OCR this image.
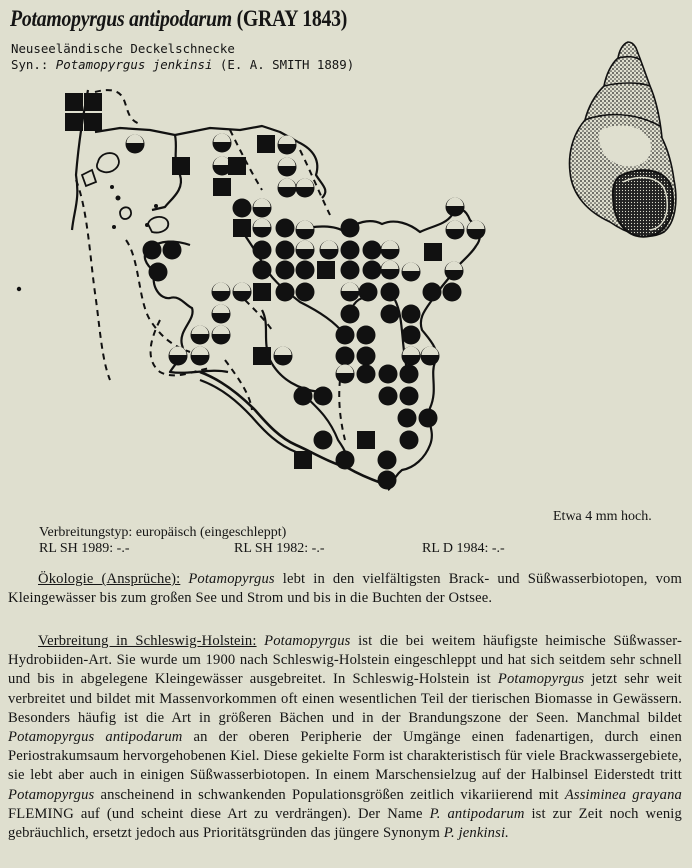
Potamopyrgus antipodarum (GRAY 1843)
Neuseeländische Deckelschnecke
Syn.: Potamopyrgus jenkinsi (E. A. SMITH 1889)
Etwa 4 mm hoch.
Verbreitungstyp: europäisch (eingeschleppt)
RL SH 1989: -.-	RL SH 1982: -.-	RL D 1984: -.-
Ökologie (Ansprüche): Potamopyrgus lebt in den vielfältigsten Brack- und Süßwasserbiotopen, vom Kleingewässer bis zum großen See und Strom und bis in die Buchten der Ostsee.
Verbreitung in Schleswig-Holstein: Potamopyrgus ist die bei weitem häufigste heimische Süßwasser-Hydrobiiden-Art. Sie wurde um 1900 nach Schleswig-Holstein eingeschleppt und hat sich seitdem sehr schnell und bis in abgelegene Kleingewässer ausgebreitet. In Schleswig-Holstein ist Potamopyrgus jetzt sehr weit verbreitet und bildet mit Massenvorkommen oft einen wesentlichen Teil der tierischen Biomasse in Gewässern. Besonders häufig ist die Art in größeren Bächen und in der Brandungszone der Seen. Manchmal bildet Potamopyrgus antipodarum an der oberen Peripherie der Umgänge einen fadenartigen, durch einen Periostrakumsaum hervorgehobenen Kiel. Diese gekielte Form ist charakteristisch für viele Brackwassergebiete, sie lebt aber auch in einigen Süßwasserbiotopen. In einem Marschensielzug auf der Halbinsel Eiderstedt tritt Potamopyrgus anscheinend in schwankenden Populationsgrößen zeitlich vikariierend mit Assiminea grayana FLEMING auf (und scheint diese Art zu verdrängen). Der Name P. antipodarum ist zur Zeit noch wenig gebräuchlich, ersetzt jedoch aus Prioritätsgründen das jüngere Synonym P. jenkinsi.
